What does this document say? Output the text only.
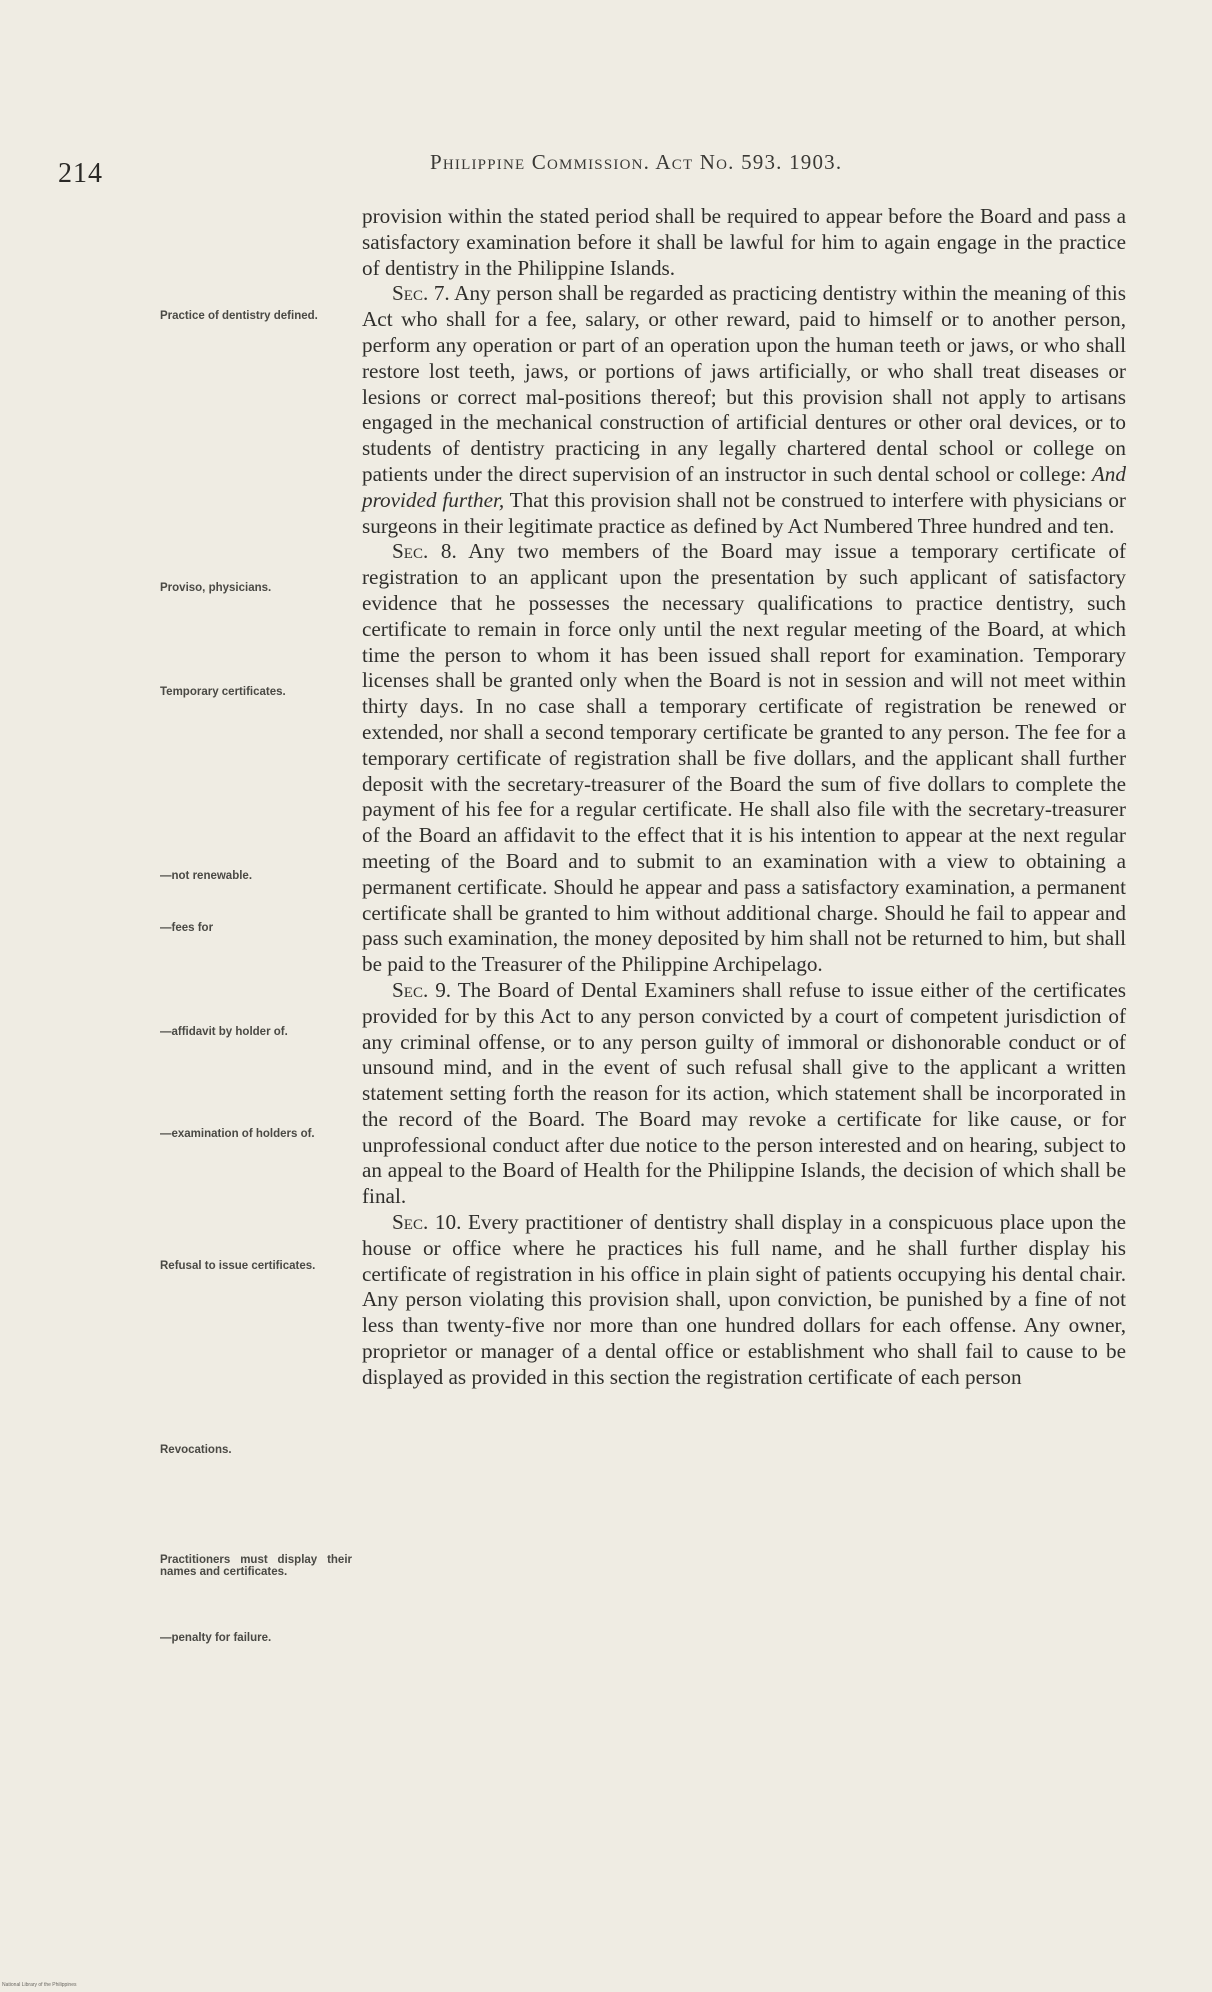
214	Philippine Commission. Act No. 593. 1903.
Practice of dentistry defined.
Proviso, physicians.
Temporary certificates.
—not renewable.
—fees for
—affidavit by holder of.
—examination of holders of.
Refusal to issue certificates.
Revocations.
Practitioners must display their names and certificates.
—penalty for failure.

provision within the stated period shall be required to appear before the Board and pass a satisfactory examination before it shall be lawful for him to again engage in the practice of dentistry in the Philippine Islands.

Sec. 7. Any person shall be regarded as practicing dentistry within the meaning of this Act who shall for a fee, salary, or other reward, paid to himself or to another person, perform any operation or part of an operation upon the human teeth or jaws, or who shall restore lost teeth, jaws, or portions of jaws artificially, or who shall treat diseases or lesions or correct mal-positions thereof; but this provision shall not apply to artisans engaged in the mechanical construction of artificial dentures or other oral devices, or to students of dentistry practicing in any legally chartered dental school or college on patients under the direct supervision of an instructor in such dental school or college: And provided further, That this provision shall not be construed to interfere with physicians or surgeons in their legitimate practice as defined by Act Numbered Three hundred and ten.

Sec. 8. Any two members of the Board may issue a temporary certificate of registration to an applicant upon the presentation by such applicant of satisfactory evidence that he possesses the necessary qualifications to practice dentistry, such certificate to remain in force only until the next regular meeting of the Board, at which time the person to whom it has been issued shall report for examination. Temporary licenses shall be granted only when the Board is not in session and will not meet within thirty days. In no case shall a temporary certificate of registration be renewed or extended, nor shall a second temporary certificate be granted to any person. The fee for a temporary certificate of registration shall be five dollars, and the applicant shall further deposit with the secretary-treasurer of the Board the sum of five dollars to complete the payment of his fee for a regular certificate. He shall also file with the secretary-treasurer of the Board an affidavit to the effect that it is his intention to appear at the next regular meeting of the Board and to submit to an examination with a view to obtaining a permanent certificate. Should he appear and pass a satisfactory examination, a permanent certificate shall be granted to him without additional charge. Should he fail to appear and pass such examination, the money deposited by him shall not be returned to him, but shall be paid to the Treasurer of the Philippine Archipelago.

Sec. 9. The Board of Dental Examiners shall refuse to issue either of the certificates provided for by this Act to any person convicted by a court of competent jurisdiction of any criminal offense, or to any person guilty of immoral or dishonorable conduct or of unsound mind, and in the event of such refusal shall give to the applicant a written statement setting forth the reason for its action, which statement shall be incorporated in the record of the Board. The Board may revoke a certificate for like cause, or for unprofessional conduct after due notice to the person interested and on hearing, subject to an appeal to the Board of Health for the Philippine Islands, the decision of which shall be final.

Sec. 10. Every practitioner of dentistry shall display in a conspicuous place upon the house or office where he practices his full name, and he shall further display his certificate of registration in his office in plain sight of patients occupying his dental chair. Any person violating this provision shall, upon conviction, be punished by a fine of not less than twenty-five nor more than one hundred dollars for each offense. Any owner, proprietor or manager of a dental office or establishment who shall fail to cause to be displayed as provided in this section the registration certificate of each person

National Library of the Philippines
